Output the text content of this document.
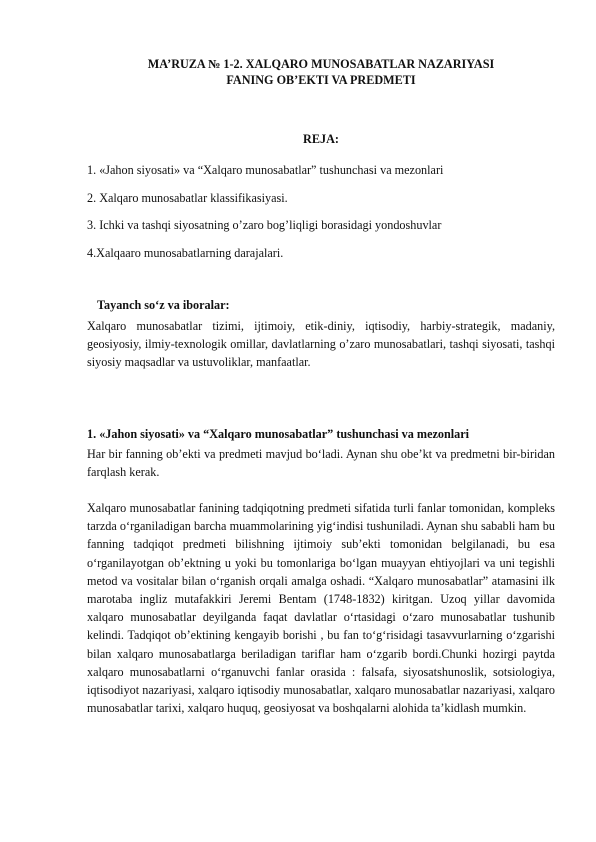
MA’RUZA № 1-2. XALQARO MUNOSABATLAR NAZARIYASI
FANING OB’EKTI VA PREDMETI
REJA:
1. «Jahon siyosati» va “Xalqaro munosabatlar” tushunchasi va mezonlari
2. Xalqaro munosabatlar klassifikasiyasi.
3. Ichki va tashqi siyosatning o’zaro bog’liqligi borasidagi yondoshuvlar
4.Xalqaaro munosabatlarning darajalari.
Tayanch so‘z va iboralar:

Xalqaro munosabatlar tizimi, ijtimoiy, etik-diniy, iqtisodiy, harbiy-strategik, madaniy, geosiyosiy, ilmiy-texnologik omillar, davlatlarning o’zaro munosabatlari, tashqi siyosati, tashqi siyosiy maqsadlar va ustuvoliklar, manfaatlar.

1. «Jahon siyosati» va “Xalqaro munosabatlar” tushunchasi va mezonlari

Har bir fanning ob’ekti va predmeti mavjud bo‘ladi. Aynan shu obe’kt va predmetni bir-biridan farqlash kerak.

Xalqaro munosabatlar fanining tadqiqotning predmeti sifatida turli fanlar tomonidan, kompleks tarzda o‘rganiladigan barcha muammolarining yig‘indisi tushuniladi. Aynan shu sababli ham bu fanning tadqiqot predmeti bilishning ijtimoiy sub’ekti tomonidan belgilanadi, bu esa o‘rganilayotgan ob’ektning u yoki bu tomonlariga bo‘lgan muayyan ehtiyojlari va uni tegishli metod va vositalar bilan o‘rganish orqali amalga oshadi. “Xalqaro munosabatlar” atamasini ilk marotaba ingliz mutafakkiri Jeremi Bentam (1748-1832) kiritgan. Uzoq yillar davomida xalqaro munosabatlar deyilganda faqat davlatlar o‘rtasidagi o‘zaro munosabatlar tushunib kelindi. Tadqiqot ob’ektining kengayib borishi , bu fan to‘g‘risidagi tasavvurlarning o‘zgarishi bilan xalqaro munosabatlarga beriladigan tariflar ham o‘zgarib bordi.Chunki hozirgi paytda xalqaro munosabatlarni o‘rganuvchi fanlar orasida : falsafa, siyosatshunoslik, sotsiologiya, iqtisodiyot nazariyasi, xalqaro iqtisodiy munosabatlar, xalqaro munosabatlar nazariyasi, xalqaro munosabatlar tarixi, xalqaro huquq, geosiyosat va boshqalarni alohida ta’kidlash mumkin.
